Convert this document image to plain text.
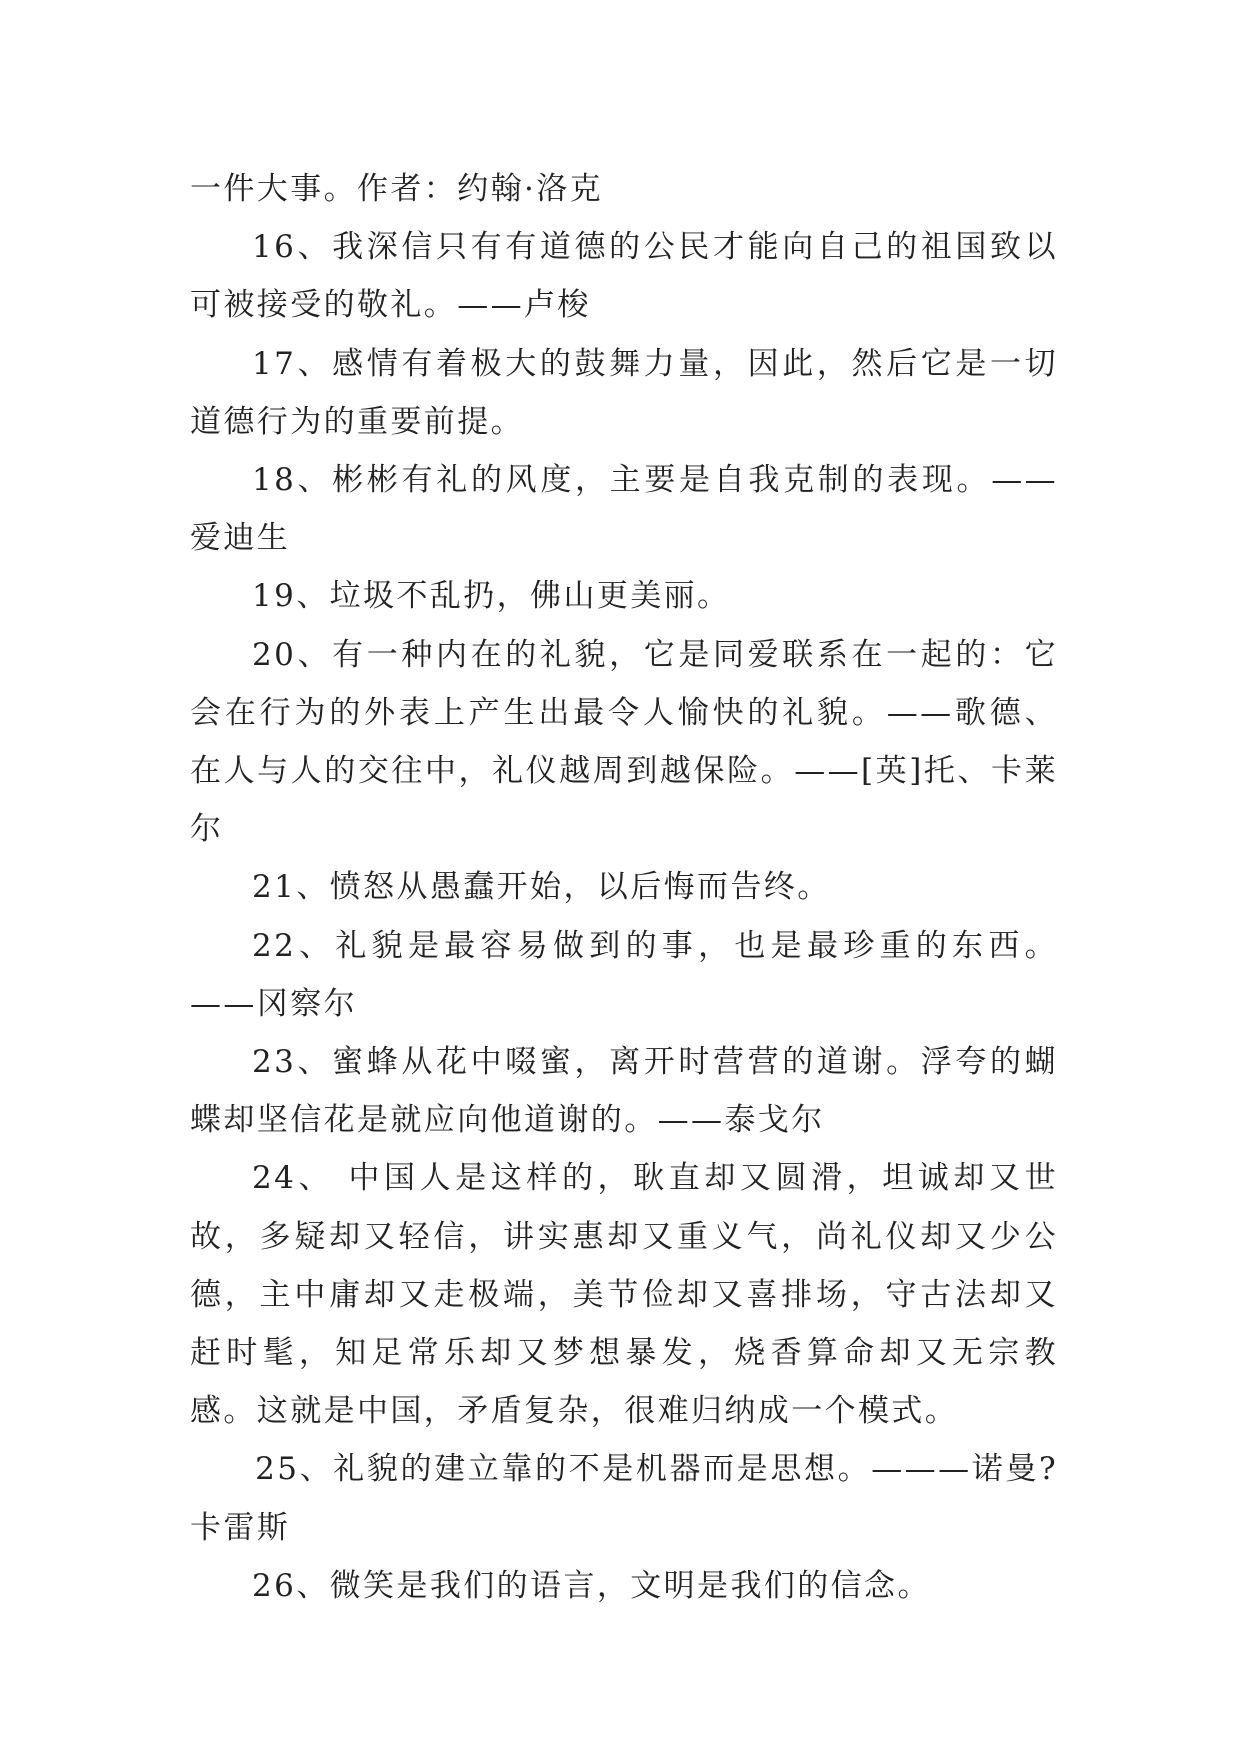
一件大事。作者：约翰·洛克

16、我深信只有有道德的公民才能向自己的祖国致以可被接受的敬礼。——卢梭

17、感情有着极大的鼓舞力量，因此，然后它是一切道德行为的重要前提。

18、彬彬有礼的风度，主要是自我克制的表现。——爱迪生

19、垃圾不乱扔，佛山更美丽。

20、有一种内在的礼貌，它是同爱联系在一起的：它会在行为的外表上产生出最令人愉快的礼貌。——歌德、在人与人的交往中，礼仪越周到越保险。——[英]托、卡莱尔

21、愤怒从愚蠢开始，以后悔而告终。

22、礼貌是最容易做到的事，也是最珍重的东西。——冈察尔

23、蜜蜂从花中啜蜜，离开时营营的道谢。浮夸的蝴蝶却坚信花是就应向他道谢的。——泰戈尔

24、 中国人是这样的，耿直却又圆滑，坦诚却又世故，多疑却又轻信，讲实惠却又重义气，尚礼仪却又少公德，主中庸却又走极端，美节俭却又喜排场，守古法却又赶时髦，知足常乐却又梦想暴发，烧香算命却又无宗教感。这就是中国，矛盾复杂，很难归纳成一个模式。

25、礼貌的建立靠的不是机器而是思想。———诺曼?卡雷斯

26、微笑是我们的语言，文明是我们的信念。
